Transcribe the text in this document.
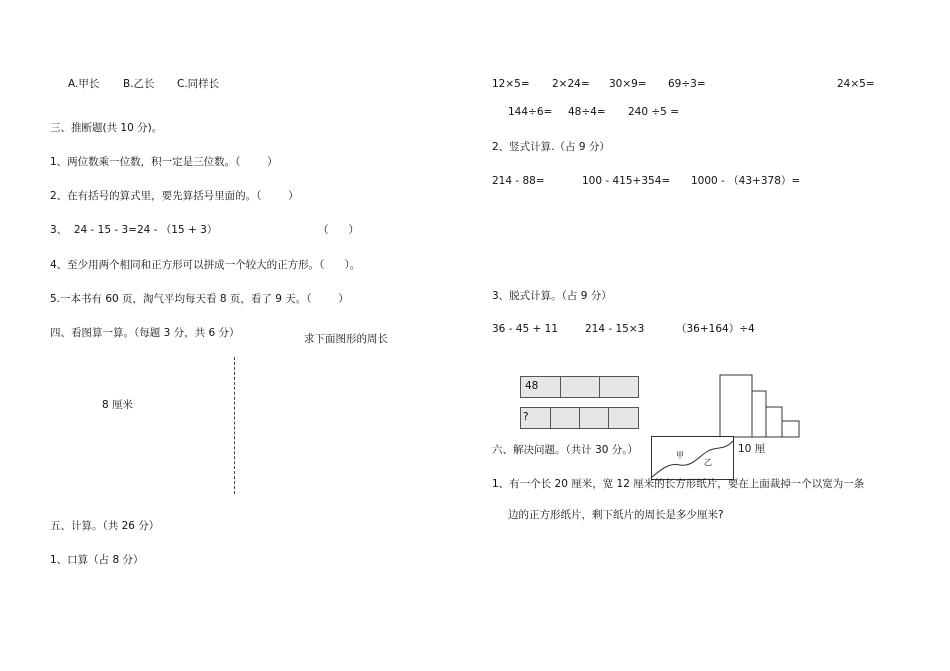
A.甲长 B.乙长 C.同样长
三、推断题(共 10 分)。
1、两位数乘一位数，积一定是三位数。（        ）
2、在有括号的算式里，要先算括号里面的。（        ）
3、  24 - 15 - 3=24 - （15 + 3）	（      ）
4、至少用两个相同和正方形可以拼成一个较大的正方形。（      ）。
5.一本书有 60 页，淘气平均每天看 8 页，看了 9 天。（        ）
四、看图算一算。（每题 3 分，共 6 分）	求下面图形的周长
8 厘米
五、计算。（共 26 分）
1、口算（占 8 分）
12×5= 2×24= 30×9= 69÷3=	24×5=
144÷6= 48÷4= 240 ÷5 =
2、竖式计算.（占 9 分）
214 - 88=	100 - 415+354= 1000 - （43+378）=
3、脱式计算。（占 9 分）
36 - 45 + 11	214 - 15×3	（36+164）÷4
48
?
六、解决问题。（共计 30 分。）	甲
乙
10 厘
1、有一个长 20 厘米，宽 12 厘米的长方形纸片，要在上面裁掉一个以宽为一条
边的正方形纸片，剩下纸片的周长是多少厘米?
